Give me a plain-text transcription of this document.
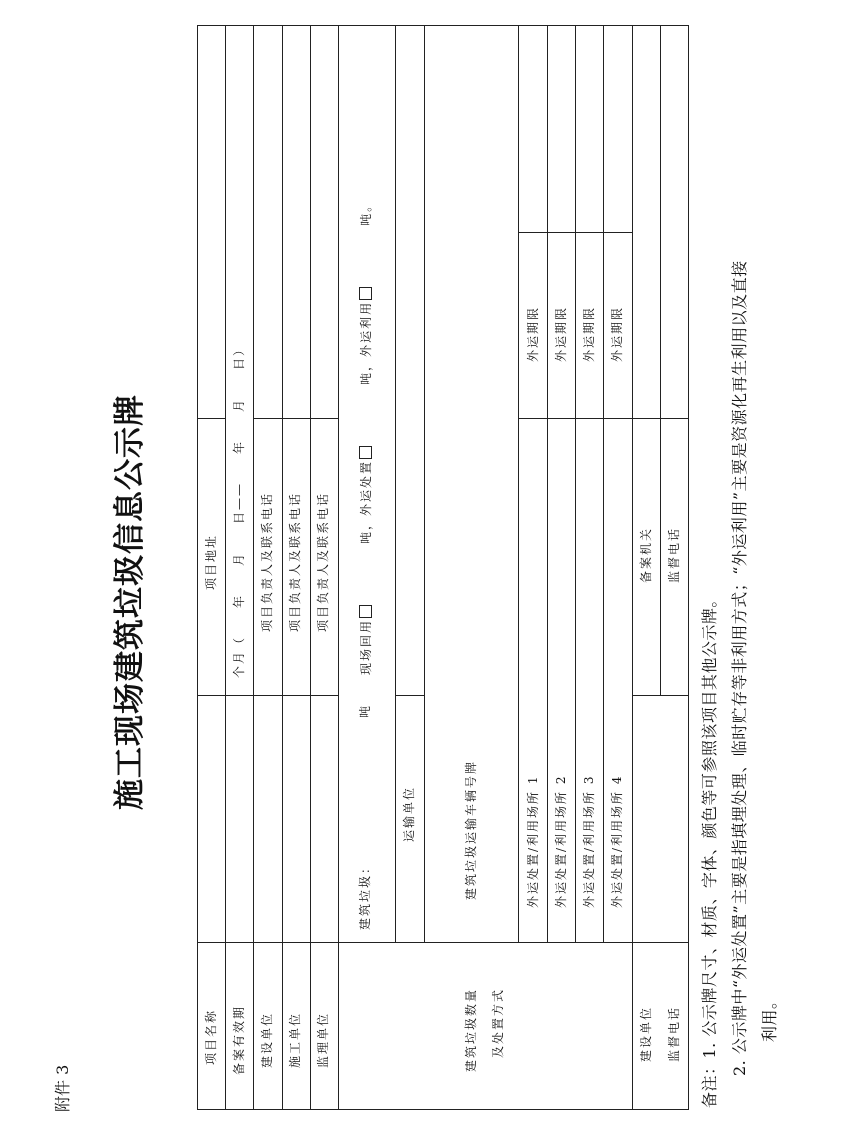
附件 3
施工现场建筑垃圾信息公示牌
项目名称
项目地址
备案有效期
个月（　　年　　月　　日——　　年　　月　　日）
建设单位
项目负责人及联系电话
施工单位
项目负责人及联系电话
监理单位
项目负责人及联系电话
建筑垃圾数量 及处置方式
建筑垃圾：
吨
现场回用吨，外运处置吨，外运利用吨。
运输单位	建筑垃圾运输车辆号牌	外运处置/利用场所 1
外运期限
外运处置/利用场所 2
外运期限
外运处置/利用场所 3
外运期限
外运处置/利用场所 4
外运期限
建设单位
备案机关
监督电话
监督电话
备注：1. 公示牌尺寸、材质、字体、颜色等可参照该项目其他公示牌。 2. 公示牌中“外运处置”主要是指填埋处理、临时贮存等非利用方式；“外运利用”主要是资源化再生利用以及直接 利用。
